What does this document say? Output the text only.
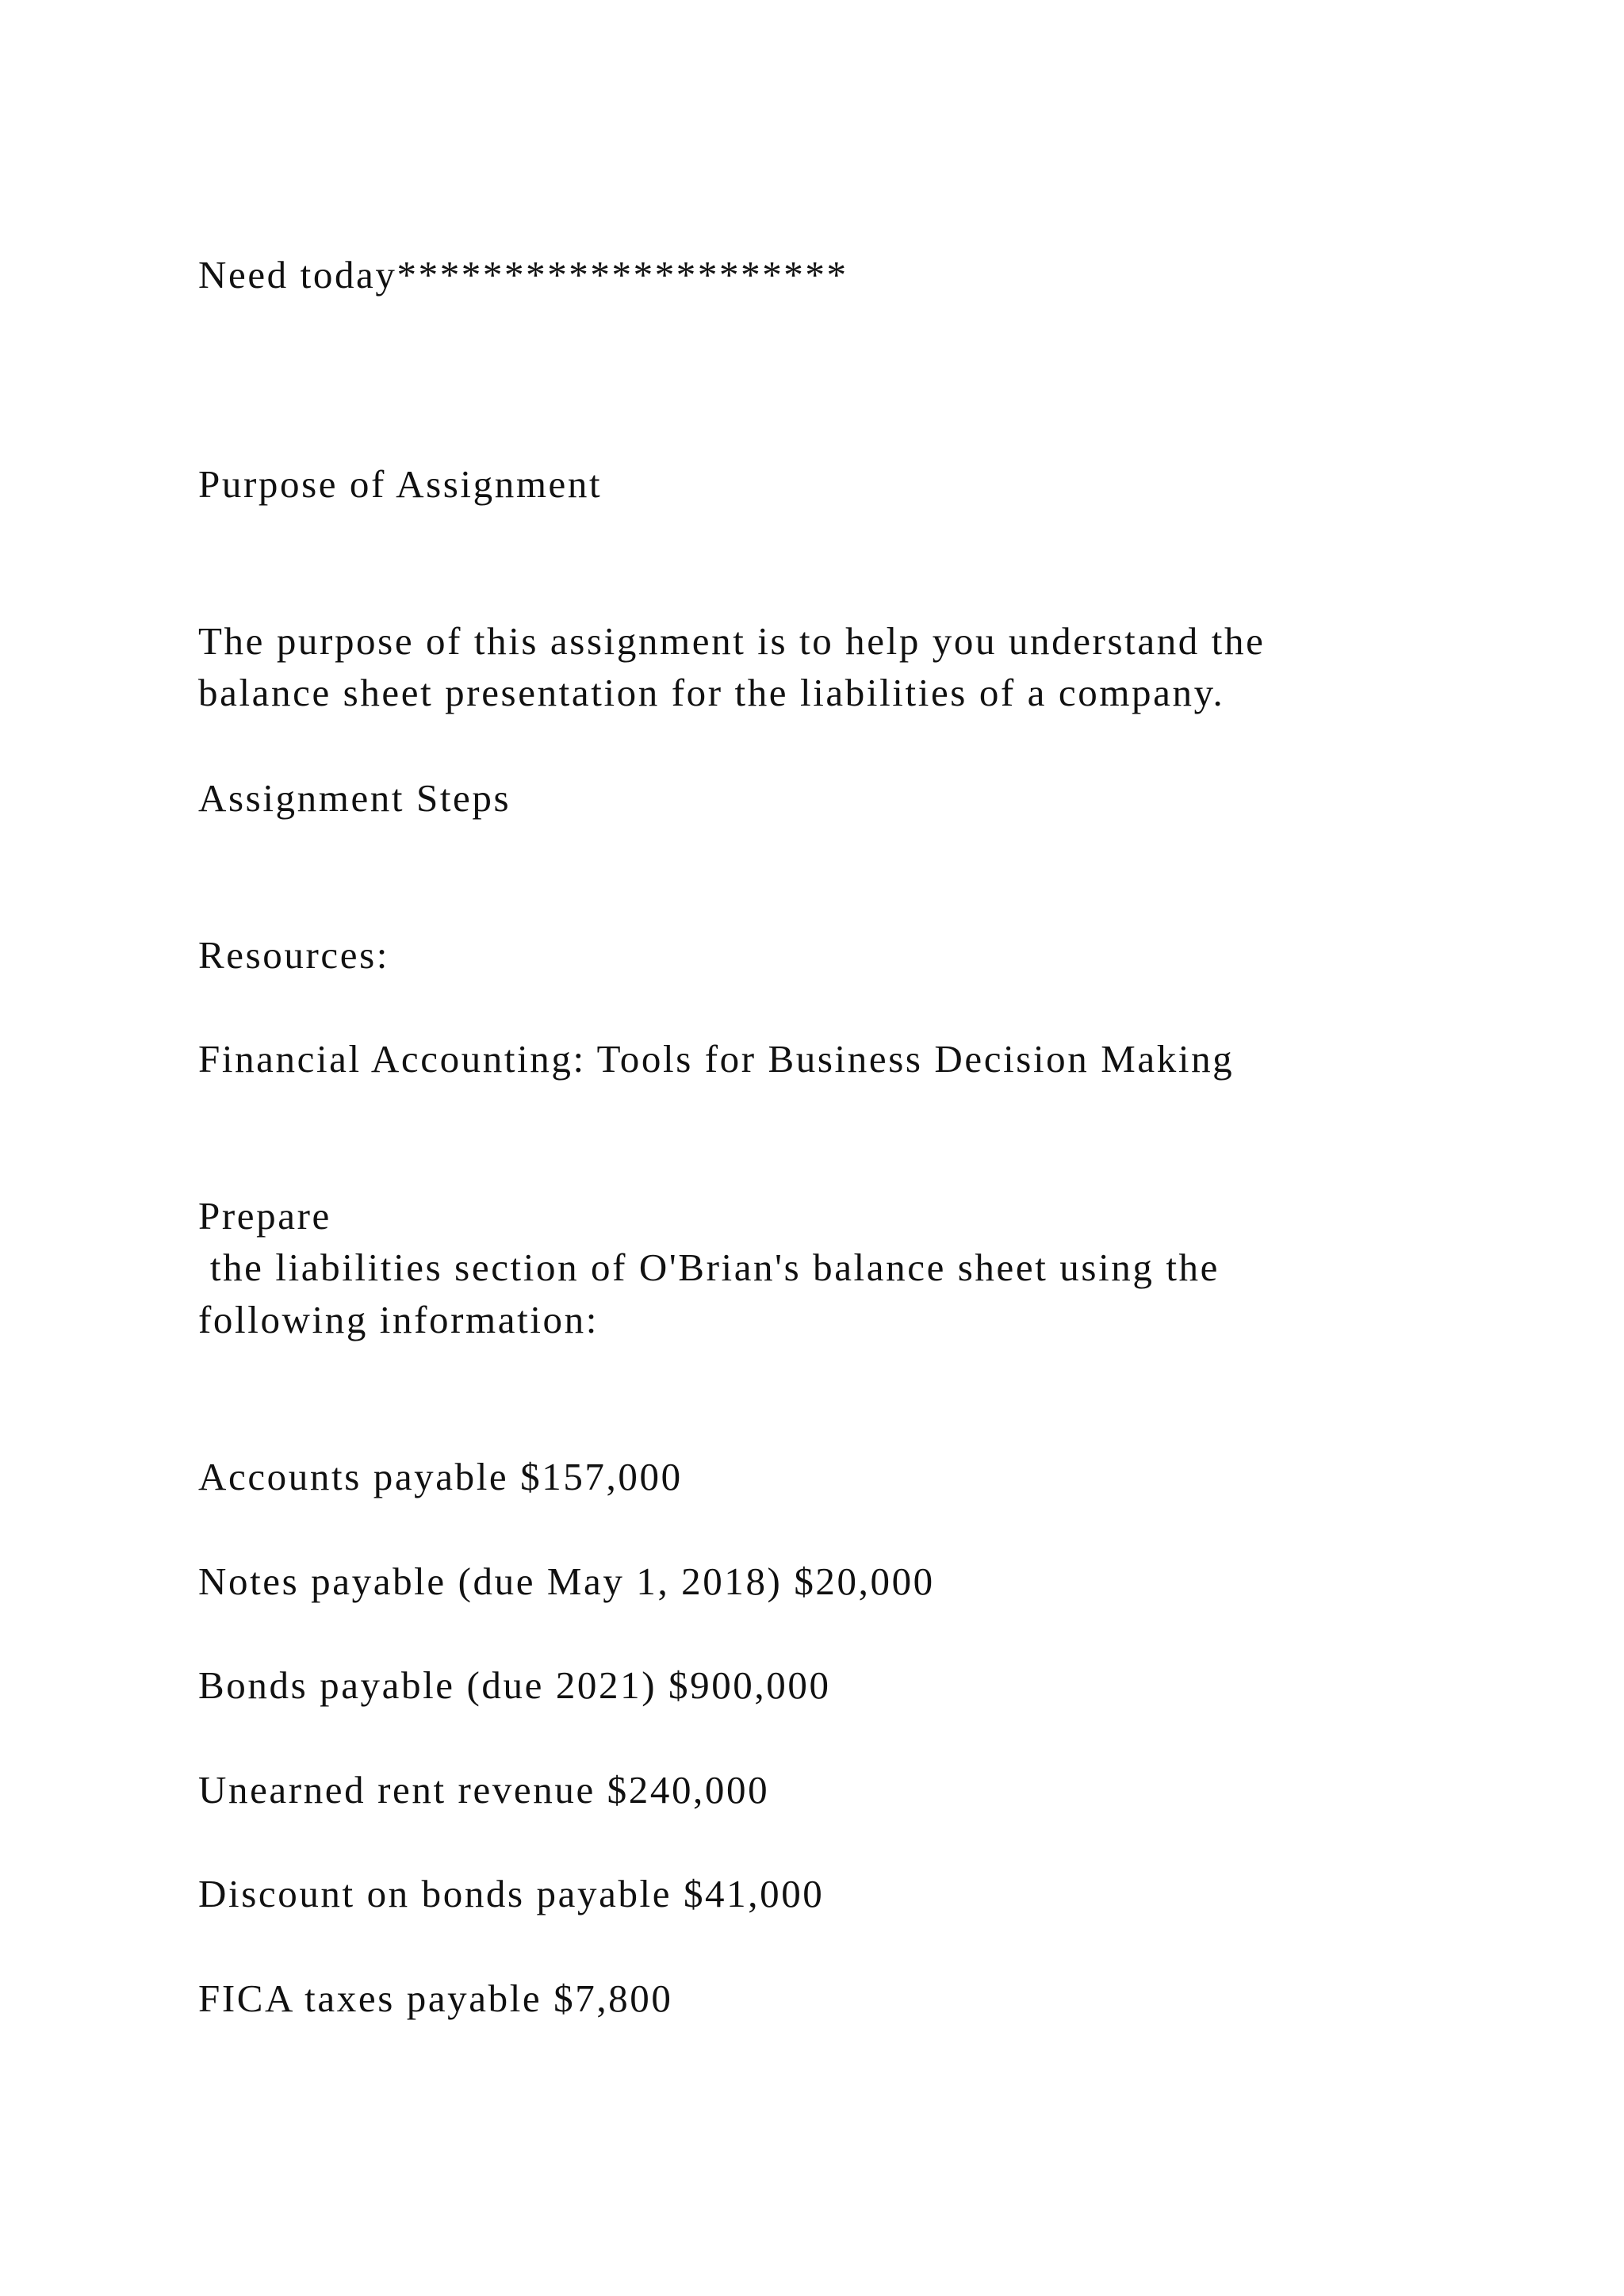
Need today*********************

Purpose of Assignment

The purpose of this assignment is to help you understand the

balance sheet presentation for the liabilities of a company.

Assignment Steps

Resources:

Financial Accounting: Tools for Business Decision Making

Prepare

the liabilities section of O'Brian's balance sheet using the

following information:

Accounts payable $157,000

Notes payable (due May 1, 2018) $20,000

Bonds payable (due 2021) $900,000

Unearned rent revenue $240,000

Discount on bonds payable $41,000

FICA taxes payable $7,800
